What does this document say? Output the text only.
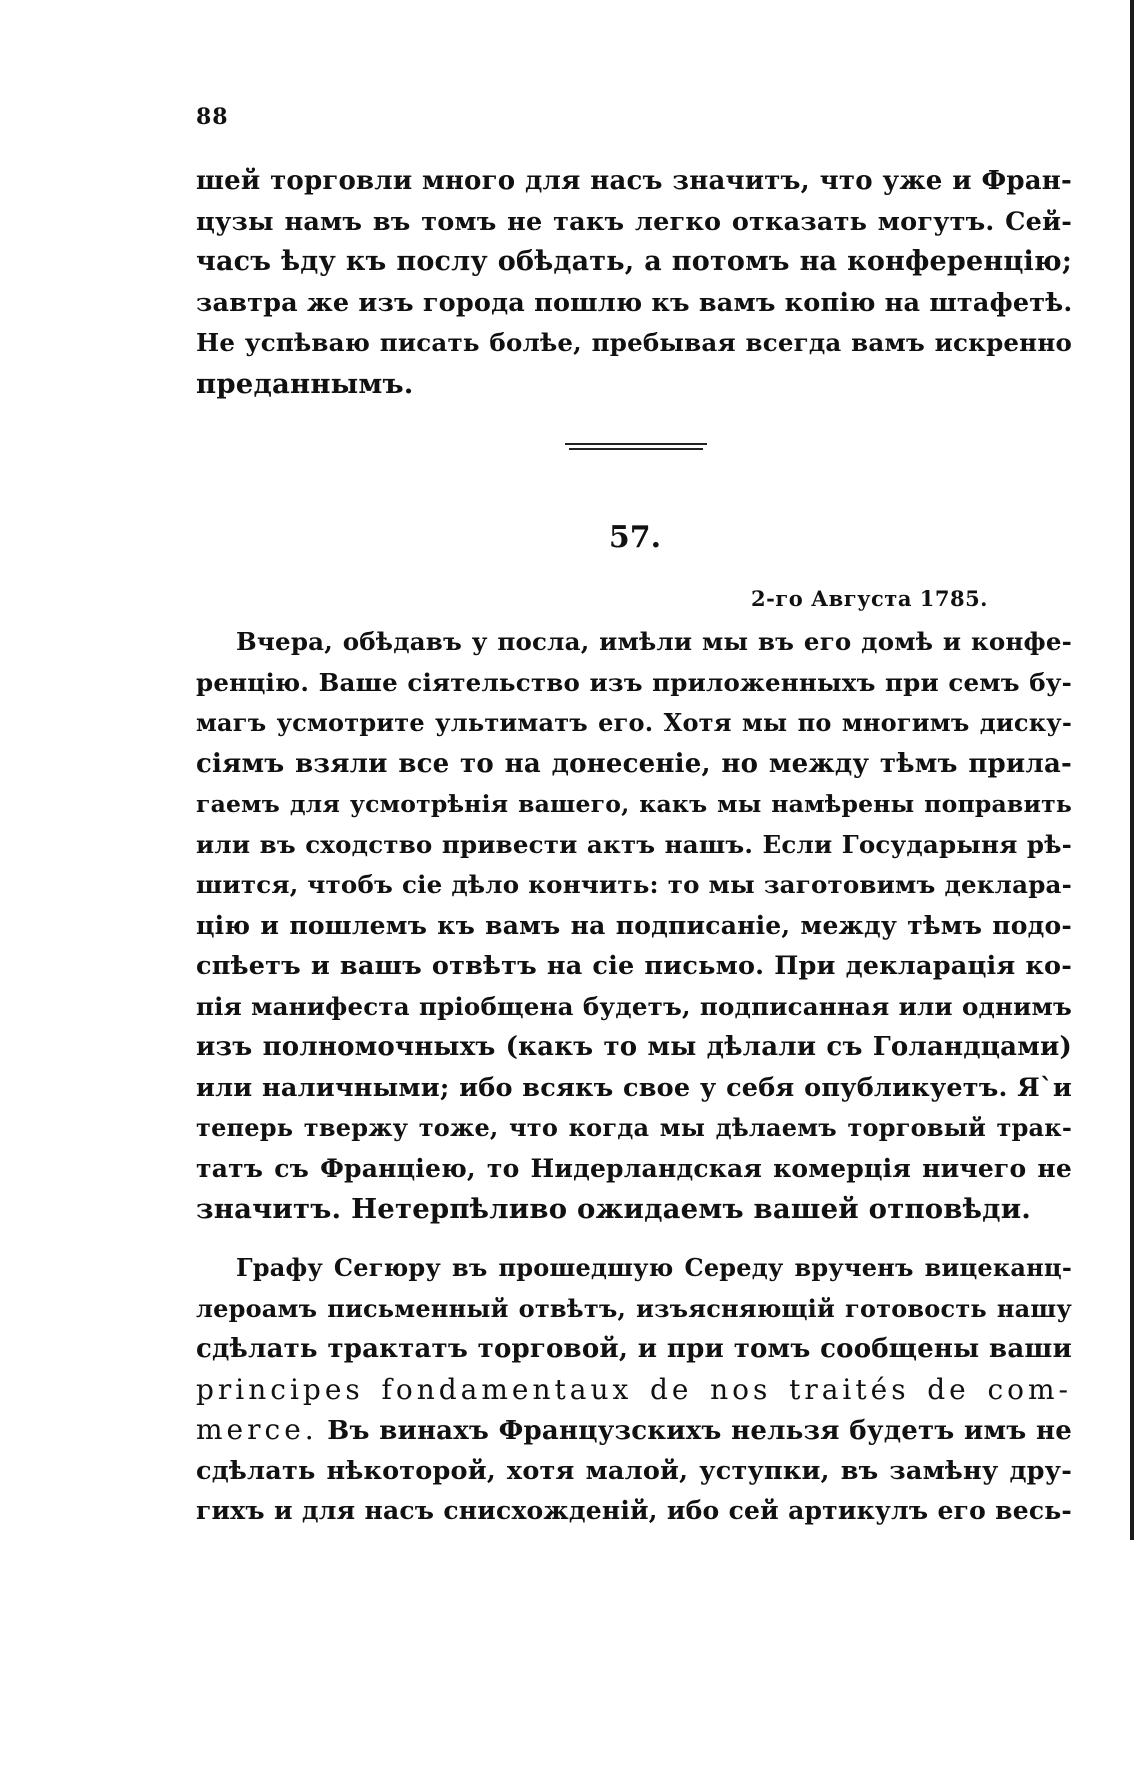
88
шей торговли много для насъ значитъ, что уже и Фран-
цузы намъ въ томъ не такъ легко отказать могутъ. Сей-
часъ ѣду къ послу обѣдать, а потомъ на конференцію;
завтра же изъ города пошлю къ вамъ копію на штафетѣ.
Не успѣваю писать болѣе, пребывая всегда вамъ искренно
преданнымъ.
57.
2-го Августа 1785.
Вчера, обѣдавъ у посла, имѣли мы въ его домѣ и конфе-
ренцію. Ваше сіятельство изъ приложенныхъ при семъ бу-
магъ усмотрите ультиматъ его. Хотя мы по многимъ диску-
сіямъ взяли все то на донесеніе, но между тѣмъ прила-
гаемъ для усмотрѣнія вашего, какъ мы намѣрены поправить
или въ сходство привести актъ нашъ. Если Государыня рѣ-
шится, чтобъ сіе дѣло кончить: то мы заготовимъ деклара-
цію и пошлемъ къ вамъ на подписаніе, между тѣмъ подо-
спѣетъ и вашъ отвѣтъ на сіе письмо. При декларація ко-
пія манифеста пріобщена будетъ, подписанная или однимъ
изъ полномочныхъ (какъ то мы дѣлали съ Голандцами)
или наличными; ибо всякъ свое у себя опубликуетъ. Я`и
теперь твержу тоже, что когда мы дѣлаемъ торговый трак-
татъ съ Франціею, то Нидерландская комерція ничего не
значитъ. Нетерпѣливо ожидаемъ вашей отповѣди.
Графу Сегюру въ прошедшую Середу врученъ вицеканц-
лероамъ письменный отвѣтъ, изъясняющій готовость нашу
сдѣлать трактатъ торговой, и при томъ сообщены ваши
principes fondamentaux de nos traités de com-
merce. Въ винахъ Французскихъ нельзя будетъ имъ не
сдѣлать нѣкоторой, хотя малой, уступки, въ замѣну дру-
гихъ и для насъ снисхожденій, ибо сей артикулъ его весь-
